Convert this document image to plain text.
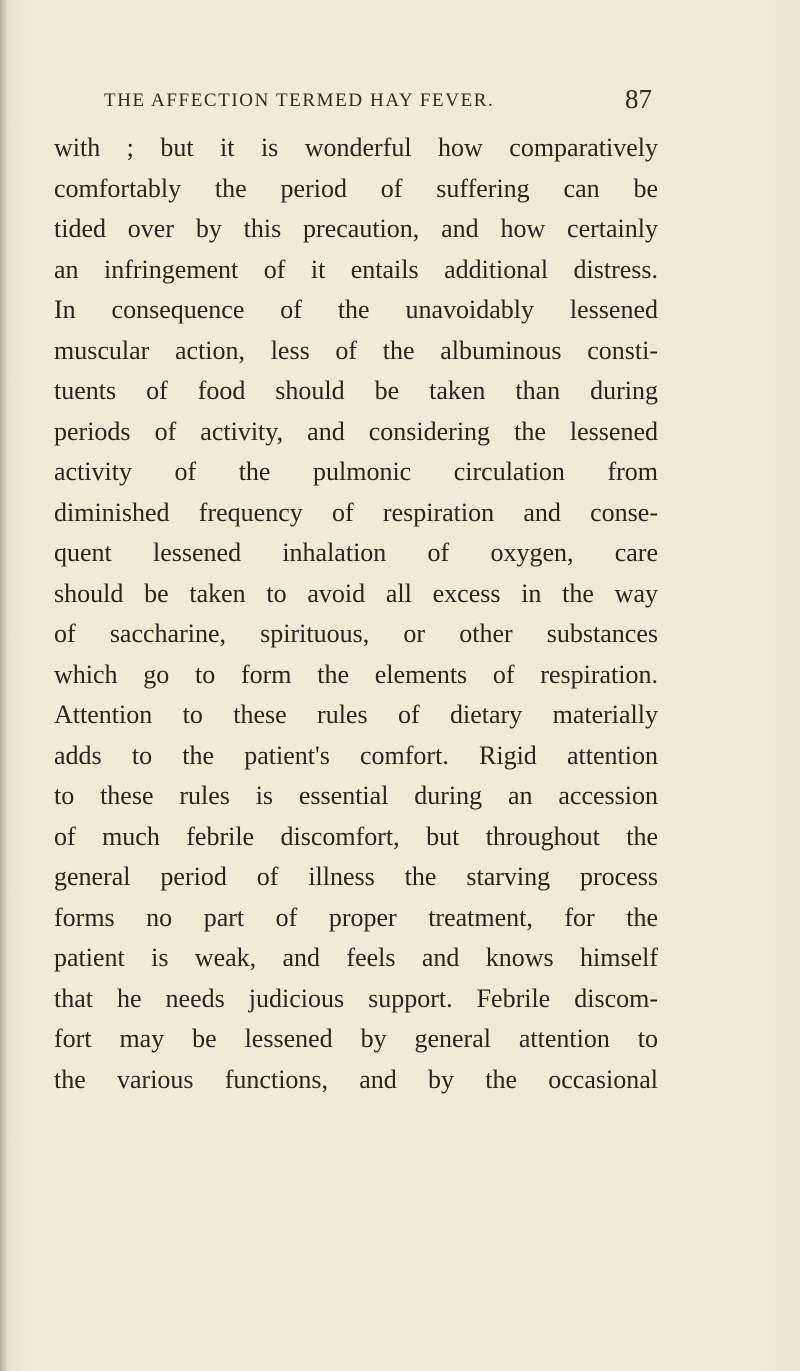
THE AFFECTION TERMED HAY FEVER.	87
with ; but it is wonderful how comparatively
comfortably the period of suffering can be
tided over by this precaution, and how certainly
an infringement of it entails additional distress.
In consequence of the unavoidably lessened
muscular action, less of the albuminous consti-
tuents of food should be taken than during
periods of activity, and considering the lessened
activity of the pulmonic circulation from
diminished frequency of respiration and conse-
quent lessened inhalation of oxygen, care
should be taken to avoid all excess in the way
of saccharine, spirituous, or other substances
which go to form the elements of respiration.
Attention to these rules of dietary materially
adds to the patient's comfort. Rigid attention
to these rules is essential during an accession
of much febrile discomfort, but throughout the
general period of illness the starving process
forms no part of proper treatment, for the
patient is weak, and feels and knows himself
that he needs judicious support. Febrile discom-
fort may be lessened by general attention to
the various functions, and by the occasional
